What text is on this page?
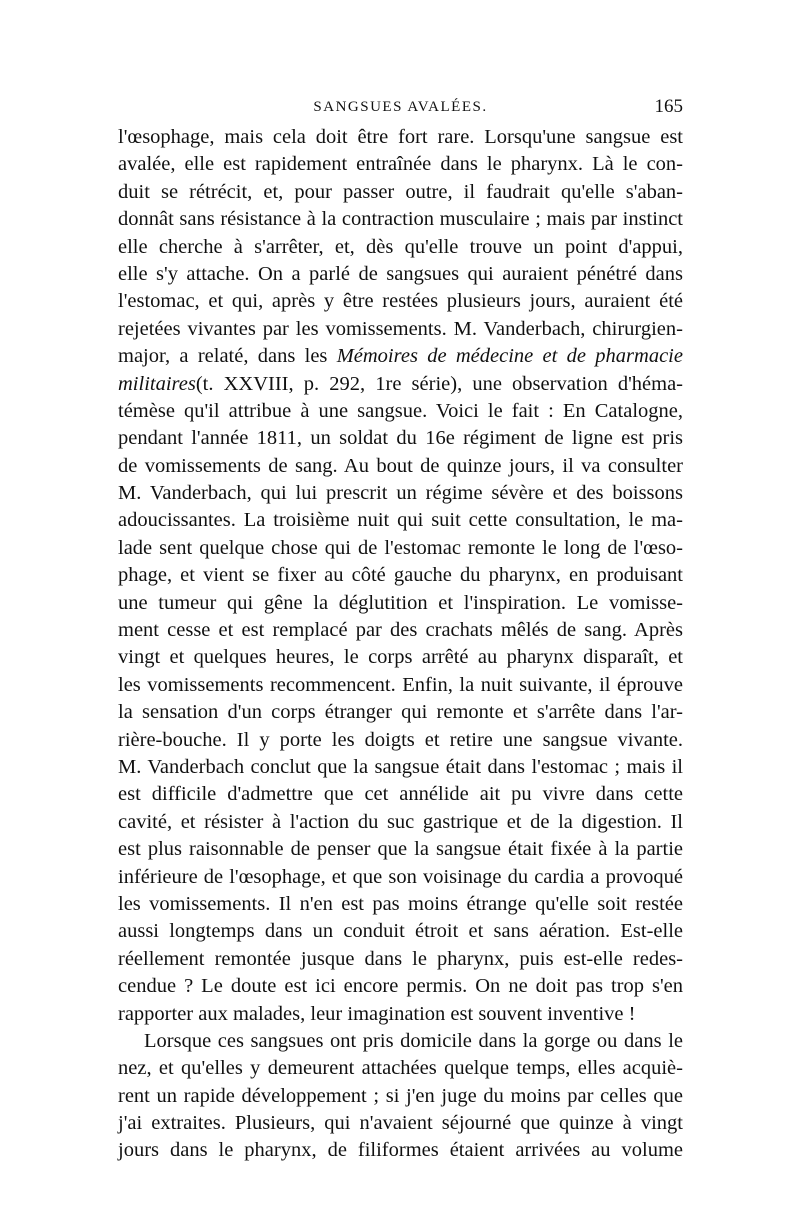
SANGSUES AVALÉES.	165
l'œsophage, mais cela doit être fort rare. Lorsqu'une sangsue est
avalée, elle est rapidement entraînée dans le pharynx. Là le con-
duit se rétrécit, et, pour passer outre, il faudrait qu'elle s'aban-
donnât sans résistance à la contraction musculaire ; mais par instinct
elle cherche à s'arrêter, et, dès qu'elle trouve un point d'appui,
elle s'y attache. On a parlé de sangsues qui auraient pénétré dans
l'estomac, et qui, après y être restées plusieurs jours, auraient été
rejetées vivantes par les vomissements. M. Vanderbach, chirurgien-
major, a relaté, dans les Mémoires de médecine et de pharmacie
militaires(t. XXVIII, p. 292, 1re série), une observation d'héma-
témèse qu'il attribue à une sangsue. Voici le fait : En Catalogne,
pendant l'année 1811, un soldat du 16e régiment de ligne est pris
de vomissements de sang. Au bout de quinze jours, il va consulter
M. Vanderbach, qui lui prescrit un régime sévère et des boissons
adoucissantes. La troisième nuit qui suit cette consultation, le ma-
lade sent quelque chose qui de l'estomac remonte le long de l'œso-
phage, et vient se fixer au côté gauche du pharynx, en produisant
une tumeur qui gêne la déglutition et l'inspiration. Le vomisse-
ment cesse et est remplacé par des crachats mêlés de sang. Après
vingt et quelques heures, le corps arrêté au pharynx disparaît, et
les vomissements recommencent. Enfin, la nuit suivante, il éprouve
la sensation d'un corps étranger qui remonte et s'arrête dans l'ar-
rière-bouche. Il y porte les doigts et retire une sangsue vivante.
M. Vanderbach conclut que la sangsue était dans l'estomac ; mais il
est difficile d'admettre que cet annélide ait pu vivre dans cette
cavité, et résister à l'action du suc gastrique et de la digestion. Il
est plus raisonnable de penser que la sangsue était fixée à la partie
inférieure de l'œsophage, et que son voisinage du cardia a provoqué
les vomissements. Il n'en est pas moins étrange qu'elle soit restée
aussi longtemps dans un conduit étroit et sans aération. Est-elle
réellement remontée jusque dans le pharynx, puis est-elle redes-
cendue ? Le doute est ici encore permis. On ne doit pas trop s'en
rapporter aux malades, leur imagination est souvent inventive !
Lorsque ces sangsues ont pris domicile dans la gorge ou dans le
nez, et qu'elles y demeurent attachées quelque temps, elles acquiè-
rent un rapide développement ; si j'en juge du moins par celles que
j'ai extraites. Plusieurs, qui n'avaient séjourné que quinze à vingt
jours dans le pharynx, de filiformes étaient arrivées au volume
